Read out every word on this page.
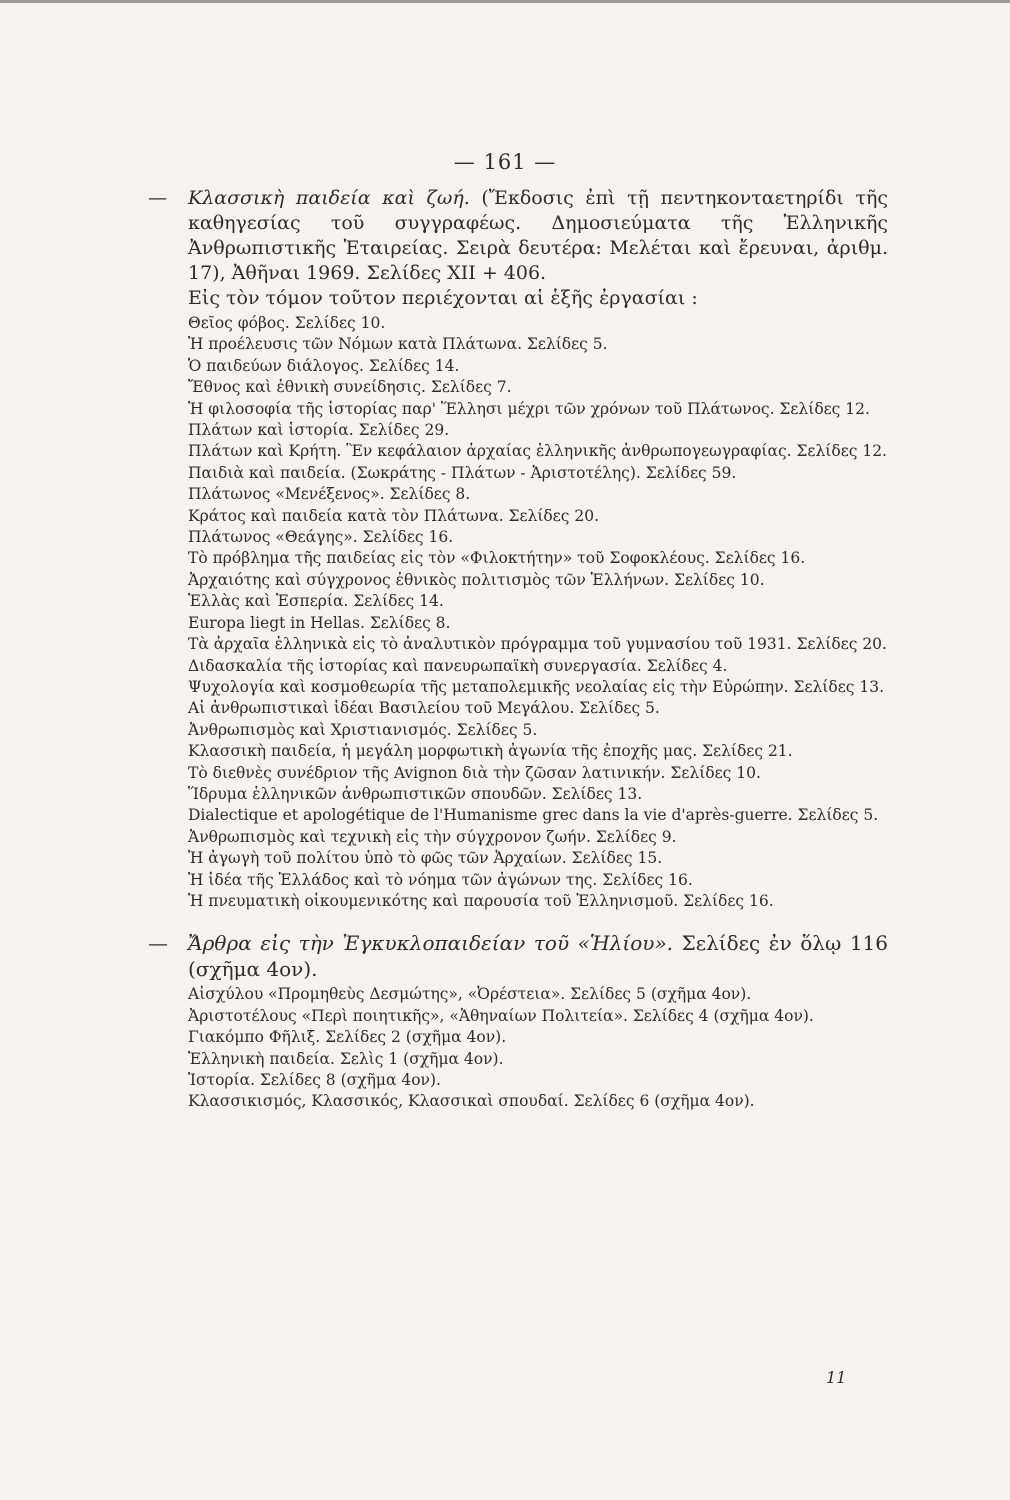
— 161 —
— Κλασσικὴ παιδεία καὶ ζωή. (Ἔκδοσις ἐπὶ τῇ πεντηκονταετηρίδι τῆς καθηγεσίας τοῦ συγγραφέως. Δημοσιεύματα τῆς Ἑλληνικῆς Ἀνθρωπιστικῆς Ἑταιρείας. Σειρὰ δευτέρα: Μελέται καὶ ἔρευναι, ἀριθμ. 17), Ἀθῆναι 1969. Σελίδες XII + 406.
Εἰς τὸν τόμον τοῦτον περιέχονται αἱ ἑξῆς ἐργασίαι :
Θεῖος φόβος. Σελίδες 10.
Ἡ προέλευσις τῶν Νόμων κατὰ Πλάτωνα. Σελίδες 5.
Ὁ παιδεύων διάλογος. Σελίδες 14.
Ἔθνος καὶ ἐθνικὴ συνείδησις. Σελίδες 7.
Ἡ φιλοσοφία τῆς ἱστορίας παρ' Ἕλλησι μέχρι τῶν χρόνων τοῦ Πλάτωνος. Σελίδες 12.
Πλάτων καὶ ἱστορία. Σελίδες 29.
Πλάτων καὶ Κρήτη. Ἓν κεφάλαιον ἀρχαίας ἑλληνικῆς ἀνθρωπογεωγραφίας. Σελίδες 12.
Παιδιὰ καὶ παιδεία. (Σωκράτης - Πλάτων - Ἀριστοτέλης). Σελίδες 59.
Πλάτωνος «Μενέξενος». Σελίδες 8.
Κράτος καὶ παιδεία κατὰ τὸν Πλάτωνα. Σελίδες 20.
Πλάτωνος «Θεάγης». Σελίδες 16.
Τὸ πρόβλημα τῆς παιδείας εἰς τὸν «Φιλοκτήτην» τοῦ Σοφοκλέους. Σελίδες 16.
Ἀρχαιότης καὶ σύγχρονος ἐθνικὸς πολιτισμὸς τῶν Ἑλλήνων. Σελίδες 10.
Ἑλλὰς καὶ Ἑσπερία. Σελίδες 14.
Europa liegt in Hellas. Σελίδες 8.
Τὰ ἀρχαῖα ἑλληνικὰ εἰς τὸ ἀναλυτικὸν πρόγραμμα τοῦ γυμνασίου τοῦ 1931. Σελίδες 20.
Διδασκαλία τῆς ἱστορίας καὶ πανευρωπαϊκὴ συνεργασία. Σελίδες 4.
Ψυχολογία καὶ κοσμοθεωρία τῆς μεταπολεμικῆς νεολαίας εἰς τὴν Εὐρώπην. Σελίδες 13.
Αἱ ἀνθρωπιστικαὶ ἰδέαι Βασιλείου τοῦ Μεγάλου. Σελίδες 5.
Ἀνθρωπισμὸς καὶ Χριστιανισμός. Σελίδες 5.
Κλασσικὴ παιδεία, ἡ μεγάλη μορφωτικὴ ἀγωνία τῆς ἐποχῆς μας. Σελίδες 21.
Τὸ διεθνὲς συνέδριον τῆς Avignon διὰ τὴν ζῶσαν λατινικήν. Σελίδες 10.
Ἵδρυμα ἑλληνικῶν ἀνθρωπιστικῶν σπουδῶν. Σελίδες 13.
Dialectique et apologétique de l'Humanisme grec dans la vie d'après-guerre. Σελίδες 5.
Ἀνθρωπισμὸς καὶ τεχνικὴ εἰς τὴν σύγχρονον ζωήν. Σελίδες 9.
Ἡ ἀγωγὴ τοῦ πολίτου ὑπὸ τὸ φῶς τῶν Ἀρχαίων. Σελίδες 15.
Ἡ ἰδέα τῆς Ἑλλάδος καὶ τὸ νόημα τῶν ἀγώνων της. Σελίδες 16.
Ἡ πνευματικὴ οἰκουμενικότης καὶ παρουσία τοῦ Ἑλληνισμοῦ. Σελίδες 16.
— Ἄρθρα εἰς τὴν Ἐγκυκλοπαιδείαν τοῦ «Ἡλίου». Σελίδες ἐν ὅλῳ 116 (σχῆμα 4ον).
Αἰσχύλου «Προμηθεὺς Δεσμώτης», «Ὀρέστεια». Σελίδες 5 (σχῆμα 4ον).
Ἀριστοτέλους «Περὶ ποιητικῆς», «Ἀθηναίων Πολιτεία». Σελίδες 4 (σχῆμα 4ον).
Γιακόμπο Φῆλιξ. Σελίδες 2 (σχῆμα 4ον).
Ἑλληνικὴ παιδεία. Σελὶς 1 (σχῆμα 4ον).
Ἱστορία. Σελίδες 8 (σχῆμα 4ον).
Κλασσικισμός, Κλασσικός, Κλασσικαὶ σπουδαί. Σελίδες 6 (σχῆμα 4ον).
11
